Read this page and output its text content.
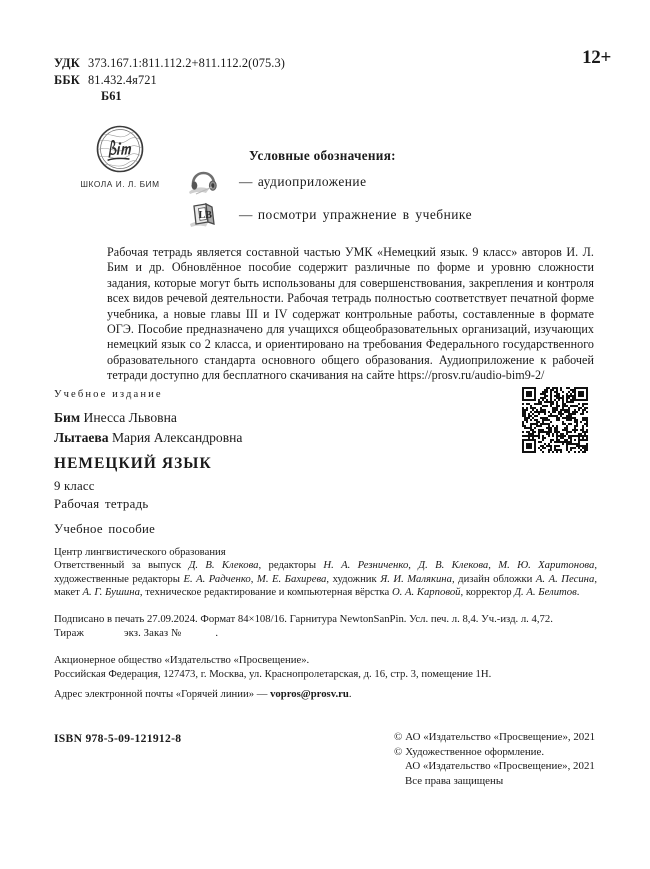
УДК 373.167.1:811.112.2+811.112.2(075.3)
ББК 81.432.4я721
Б61
12+
ШКОЛА И. Л. БИМ
Условные обозначения:
— аудиоприложение
LB — посмотри упражнение в учебнике
Рабочая тетрадь является составной частью УМК «Немецкий язык. 9 класс» авторов И. Л. Бим и др. Обновлённое пособие содержит различные по форме и уровню сложности задания, которые могут быть использованы для совершенствования, закрепления и контроля всех видов речевой деятельности. Рабочая тетрадь полностью соответствует печатной форме учебника, а новые главы III и IV содержат контрольные работы, составленные в формате ОГЭ. Пособие предназначено для учащихся общеобразовательных организаций, изучающих немецкий язык со 2 класса, и ориентировано на требования Федерального государственного образовательного стандарта основного общего образования. Аудиоприложение к рабочей тетради доступно для бесплатного скачивания на сайте https://prosv.ru/audio-bim9-2/
Учебное издание
Бим Инесса Львовна
Лытаева Мария Александровна
НЕМЕЦКИЙ ЯЗЫК
9 класс
Рабочая тетрадь
Учебное пособие
Центр лингвистического образования
Ответственный за выпуск Д. В. Клекова, редакторы Н. А. Резниченко, Д. В. Клекова, М. Ю. Харитонова, художественные редакторы Е. А. Радченко, М. Е. Бахирева, художник Я. И. Малякина, дизайн обложки А. А. Песина, макет А. Г. Бушина, техническое редактирование и компьютерная вёрстка О. А. Карповой, корректор Д. А. Белитов.
Подписано в печать 27.09.2024. Формат 84×108/16. Гарнитура NewtonSanPin. Усл. печ. л. 8,4. Уч.-изд. л. 4,72.
Тираж	экз. Заказ №	.
Акционерное общество «Издательство «Просвещение».
Российская Федерация, 127473, г. Москва, ул. Краснопролетарская, д. 16, стр. 3, помещение 1Н.
Адрес электронной почты «Горячей линии» — vopros@prosv.ru.
ISBN 978-5-09-121912-8	© АО «Издательство «Просвещение», 2021
© Художественное оформление.
АО «Издательство «Просвещение», 2021
Все права защищены
